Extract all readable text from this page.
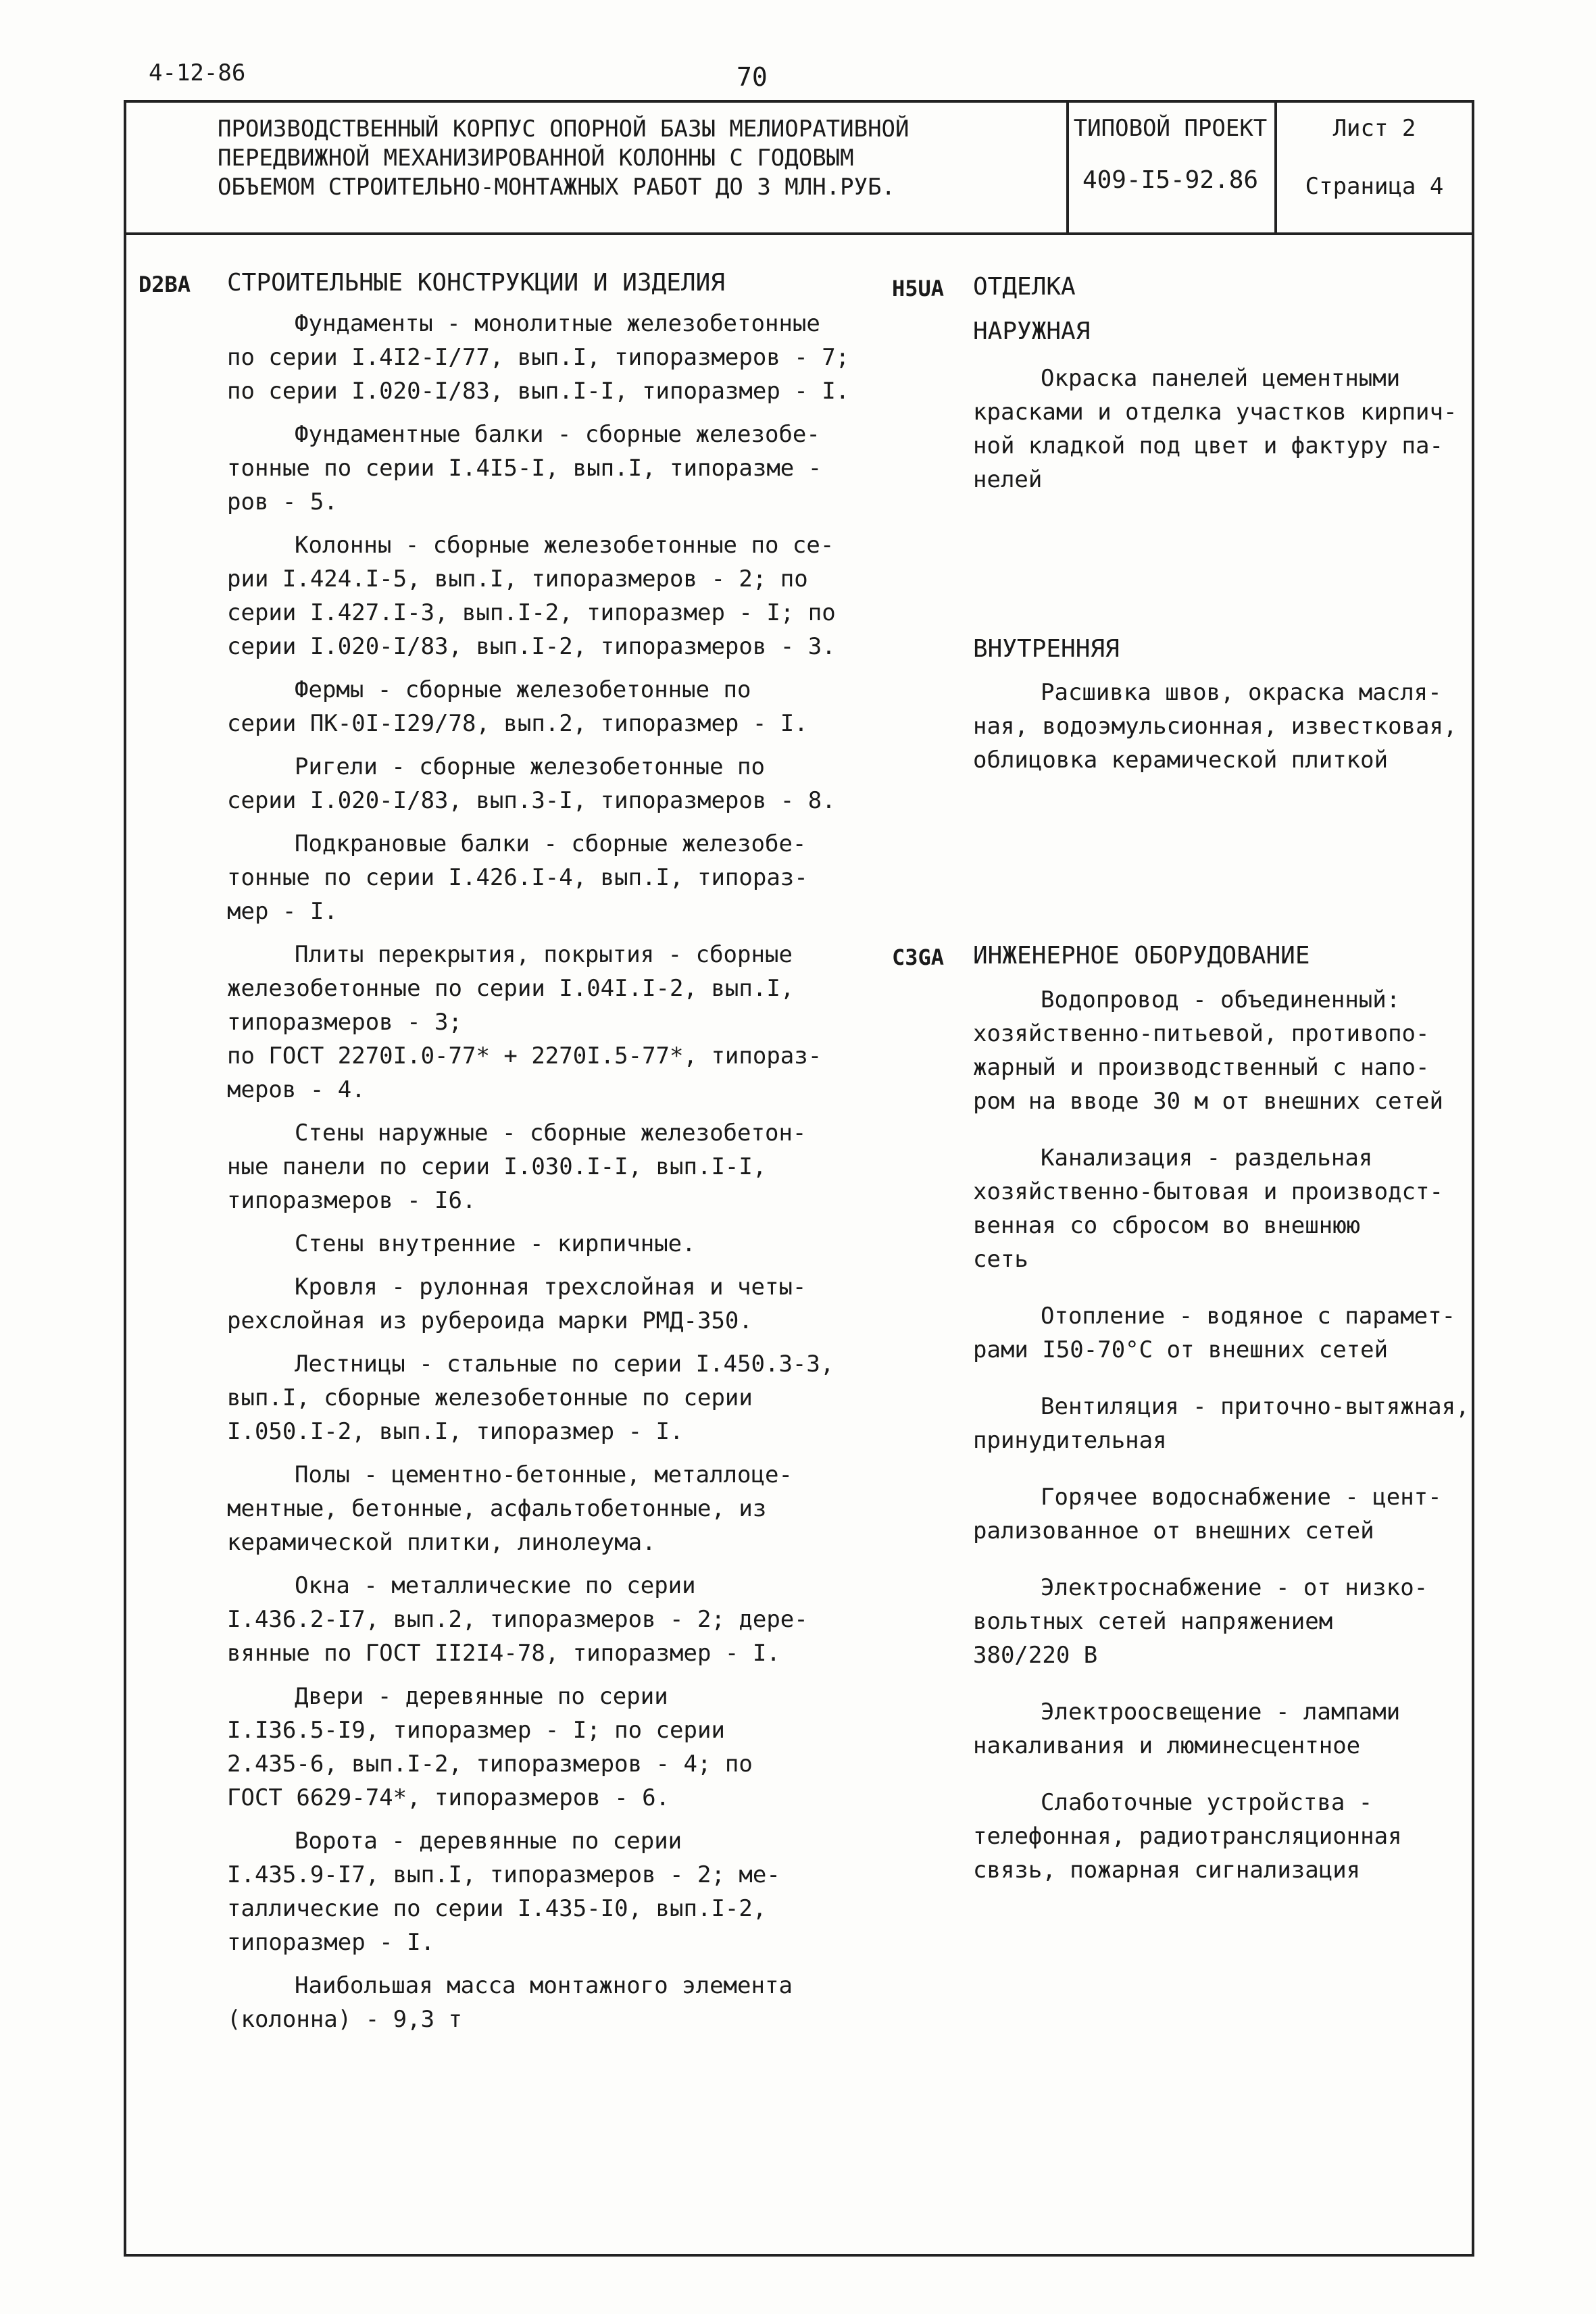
4-12-86	70
ПРОИЗВОДСТВЕННЫЙ КОРПУС ОПОРНОЙ БАЗЫ МЕЛИОРАТИВНОЙ
ПЕРЕДВИЖНОЙ МЕХАНИЗИРОВАННОЙ КОЛОННЫ С ГОДОВЫМ
ОБЪЕМОМ СТРОИТЕЛЬНО-МОНТАЖНЫХ РАБОТ ДО 3 МЛН.РУБ.
ТИПОВОЙ ПРОЕКТ
409-I5-92.86
Лист 2
Страница 4
D2BA СТРОИТЕЛЬНЫЕ КОНСТРУКЦИИ И ИЗДЕЛИЯ

Фундаменты - монолитные железобетонные
по серии I.4I2-I/77, вып.I, типоразмеров - 7;
по серии I.020-I/83, вып.I-I, типоразмер - I.

Фундаментные балки - сборные железобе-
тонные по серии I.4I5-I, вып.I, типоразме -
ров - 5.

Колонны - сборные железобетонные по се-
рии I.424.I-5, вып.I, типоразмеров - 2; по
серии I.427.I-3, вып.I-2, типоразмер - I; по
серии I.020-I/83, вып.I-2, типоразмеров - 3.

Фермы - сборные железобетонные по
серии ПК-0I-I29/78, вып.2, типоразмер - I.

Ригели - сборные железобетонные по
серии I.020-I/83, вып.3-I, типоразмеров - 8.

Подкрановые балки - сборные железобе-
тонные по серии I.426.I-4, вып.I, типораз-
мер - I.

Плиты перекрытия, покрытия - сборные
железобетонные по серии I.04I.I-2, вып.I,
типоразмеров - 3;
по ГОСТ 2270I.0-77* + 2270I.5-77*, типораз-
меров - 4.

Стены наружные - сборные железобетон-
ные панели по серии I.030.I-I, вып.I-I,
типоразмеров - I6.

Стены внутренние - кирпичные.

Кровля - рулонная трехслойная и четы-
рехслойная из рубероида марки РМД-350.

Лестницы - стальные по серии I.450.3-3,
вып.I, сборные железобетонные по серии
I.050.I-2, вып.I, типоразмер - I.

Полы - цементно-бетонные, металлоце-
ментные, бетонные, асфальтобетонные, из
керамической плитки, линолеума.

Окна - металлические по серии
I.436.2-I7, вып.2, типоразмеров - 2; дере-
вянные по ГОСТ II2I4-78, типоразмер - I.

Двери - деревянные по серии
I.I36.5-I9, типоразмер - I; по серии
2.435-6, вып.I-2, типоразмеров - 4; по
ГОСТ 6629-74*, типоразмеров - 6.

Ворота - деревянные по серии
I.435.9-I7, вып.I, типоразмеров - 2; ме-
таллические по серии I.435-I0, вып.I-2,
типоразмер - I.

Наибольшая масса монтажного элемента
(колонна) - 9,3 т

H5UA ОТДЕЛКА
НАРУЖНАЯ

Окраска панелей цементными
красками и отделка участков кирпич-
ной кладкой под цвет и фактуру па-
нелей

ВНУТРЕННЯЯ

Расшивка швов, окраска масля-
ная, водоэмульсионная, известковая,
облицовка керамической плиткой

C3GA ИНЖЕНЕРНОЕ ОБОРУДОВАНИЕ

Водопровод - объединенный:
хозяйственно-питьевой, противопо-
жарный и производственный с напо-
ром на вводе 30 м от внешних сетей

Канализация - раздельная
хозяйственно-бытовая и производст-
венная со сбросом во внешнюю
сеть

Отопление - водяное с парамет-
рами I50-70°C от внешних сетей

Вентиляция - приточно-вытяжная,
принудительная

Горячее водоснабжение - цент-
рализованное от внешних сетей

Электроснабжение - от низко-
вольтных сетей напряжением
380/220 В

Электроосвещение - лампами
накаливания и люминесцентное

Слаботочные устройства -
телефонная, радиотрансляционная
связь, пожарная сигнализация
